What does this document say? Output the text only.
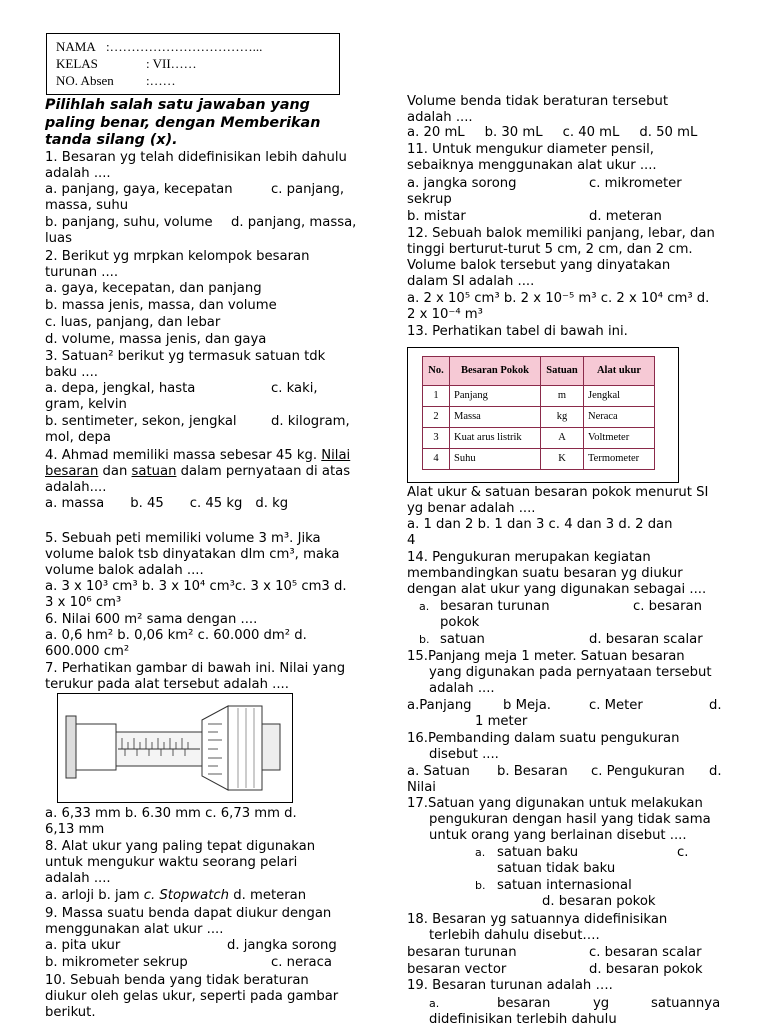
NAMA :……………………………...
KELAS	: VII……
NO. Absen	:……
Pilihlah salah satu jawaban yang
paling benar, dengan Memberikan
tanda silang (x).
1. Besaran yg telah didefinisikan lebih dahulu
adalah ....
a. panjang, gaya, kecepatan	c. panjang,
massa, suhu
b. panjang, suhu, volume	d. panjang, massa,
luas
2. Berikut yg mrpkan kelompok besaran
turunan ....
a. gaya, kecepatan, dan panjang
b. massa jenis, massa, dan volume
c. luas, panjang, dan lebar
d. volume, massa jenis, dan gaya
3. Satuan² berikut yg termasuk satuan tdk
baku ....
a. depa, jengkal, hasta	c. kaki,
gram, kelvin
b. sentimeter, sekon, jengkal	d. kilogram,
mol, depa
4. Ahmad memiliki massa sebesar 45 kg. Nilai
besaran dan satuan dalam pernyataan di atas
adalah....
a. massa b. 45 c. 45 kg d. kg
5. Sebuah peti memiliki volume 3 m³. Jika
volume balok tsb dinyatakan dlm cm³, maka
volume balok adalah ....
a. 3 x 10³ cm³ b. 3 x 10⁴ cm³c. 3 x 10⁵ cm3 d.
3 x 10⁶ cm³
6. Nilai 600 m² sama dengan ....
a. 0,6 hm² b. 0,06 km² c. 60.000 dm² d.
600.000 cm²
7. Perhatikan gambar di bawah ini. Nilai yang
terukur pada alat tersebut adalah ....
a. 6,33 mm b. 6.30 mm c. 6,73 mm d.
6,13 mm
8. Alat ukur yang paling tepat digunakan
untuk mengukur waktu seorang pelari
adalah ....
a. arloji b. jam c. Stopwatch d. meteran
9. Massa suatu benda dapat diukur dengan
menggunakan alat ukur ....
a. pita ukur	d. jangka sorong
b. mikrometer sekrup	c. neraca
10. Sebuah benda yang tidak beraturan
diukur oleh gelas ukur, seperti pada gambar
berikut.
Volume benda tidak beraturan tersebut
adalah ....
a. 20 mL b. 30 mL c. 40 mL d. 50 mL
11. Untuk mengukur diameter pensil,
sebaiknya menggunakan alat ukur ....
a. jangka sorong	c. mikrometer
sekrup
b. mistar	d. meteran
12. Sebuah balok memiliki panjang, lebar, dan
tinggi berturut-turut 5 cm, 2 cm, dan 2 cm.
Volume balok tersebut yang dinyatakan
dalam SI adalah ....
a. 2 x 10⁵ cm³ b. 2 x 10⁻⁵ m³ c. 2 x 10⁴ cm³ d.
2 x 10⁻⁴ m³
13. Perhatikan tabel di bawah ini.
Alat ukur & satuan besaran pokok menurut SI
yg benar adalah ....
a. 1 dan 2 b. 1 dan 3 c. 4 dan 3 d. 2 dan
4
14. Pengukuran merupakan kegiatan
membandingkan suatu besaran yg diukur
dengan alat ukur yang digunakan sebagai ....
a. besaran turunan	c. besaran
pokok
b. satuan	d. besaran scalar
15.Panjang meja 1 meter. Satuan besaran
yang digunakan pada pernyataan tersebut
adalah ....
a.Panjang	b Meja.	c. Meter	d.
1 meter
16.Pembanding dalam suatu pengukuran
disebut ....
a. Satuan	b. Besaran c. Pengukuran d.
Nilai
17.Satuan yang digunakan untuk melakukan
pengukuran dengan hasil yang tidak sama
untuk orang yang berlainan disebut ....
a. satuan baku	c.
satuan tidak baku
b. satuan internasional
d. besaran pokok
18. Besaran yg satuannya didefinisikan
terlebih dahulu disebut….
besaran turunan	c. besaran scalar
besaran vector	d. besaran pokok
19. Besaran turunan adalah ….
a.	besaran	yg	satuannya
didefinisikan terlebih dahulu
No.	Besaran Pokok	Satuan	Alat ukur
1	Panjang	m	Jengkal
2	Massa	kg	Neraca
3	Kuat arus listrik	A	Voltmeter
4	Suhu	K	Termometer
